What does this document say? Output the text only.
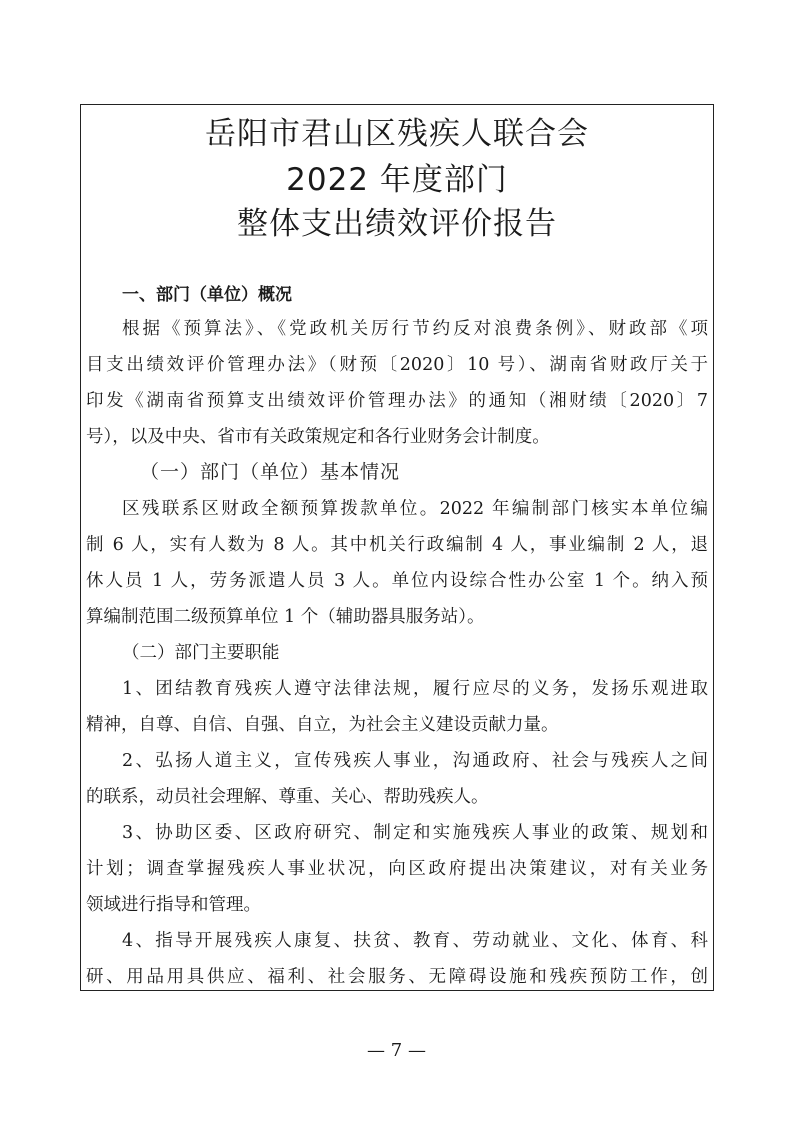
岳阳市君山区残疾人联合会
2022 年度部门
整体支出绩效评价报告
一、部门（单位）概况
根据《预算法》、《党政机关厉行节约反对浪费条例》、财政部《项
目支出绩效评价管理办法》（财预〔2020〕10 号）、湖南省财政厅关于
印发《湖南省预算支出绩效评价管理办法》的通知（湘财绩〔2020〕7
号），以及中央、省市有关政策规定和各行业财务会计制度。
（一）部门（单位）基本情况
区残联系区财政全额预算拨款单位。2022 年编制部门核实本单位编
制 6 人，实有人数为 8 人。其中机关行政编制 4 人，事业编制 2 人，退
休人员 1 人，劳务派遣人员 3 人。单位内设综合性办公室 1 个。纳入预
算编制范围二级预算单位 1 个（辅助器具服务站）。
（二）部门主要职能
1、团结教育残疾人遵守法律法规，履行应尽的义务，发扬乐观进取
精神，自尊、自信、自强、自立，为社会主义建设贡献力量。
2、弘扬人道主义，宣传残疾人事业，沟通政府、社会与残疾人之间
的联系，动员社会理解、尊重、关心、帮助残疾人。
3、协助区委、区政府研究、制定和实施残疾人事业的政策、规划和
计划；调查掌握残疾人事业状况，向区政府提出决策建议，对有关业务
领域进行指导和管理。
4、指导开展残疾人康复、扶贫、教育、劳动就业、文化、体育、科
研、用品用具供应、福利、社会服务、无障碍设施和残疾预防工作，创
— 7 —
